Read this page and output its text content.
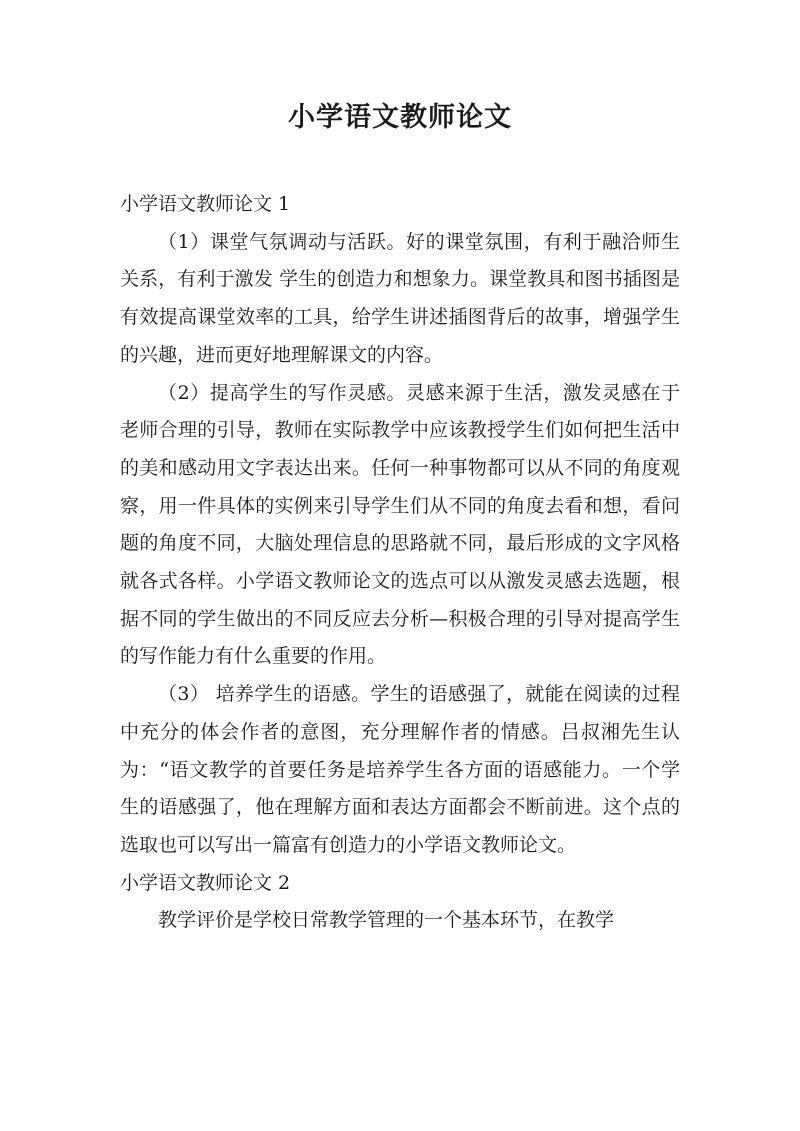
小学语文教师论文

小学语文教师论文 1

（1）课堂气氛调动与活跃。好的课堂氛围，有利于融洽师生关系，有利于激发 学生的创造力和想象力。课堂教具和图书插图是有效提高课堂效率的工具，给学生讲述插图背后的故事，增强学生的兴趣，进而更好地理解课文的内容。

（2）提高学生的写作灵感。灵感来源于生活，激发灵感在于老师合理的引导，教师在实际教学中应该教授学生们如何把生活中的美和感动用文字表达出来。任何一种事物都可以从不同的角度观察，用一件具体的实例来引导学生们从不同的角度去看和想，看问题的角度不同，大脑处理信息的思路就不同，最后形成的文字风格就各式各样。小学语文教师论文的选点可以从激发灵感去选题，根据不同的学生做出的不同反应去分析—积极合理的引导对提高学生的写作能力有什么重要的作用。

（3） 培养学生的语感。学生的语感强了，就能在阅读的过程中充分的体会作者的意图，充分理解作者的情感。吕叔湘先生认为：“语文教学的首要任务是培养学生各方面的语感能力。一个学生的语感强了，他在理解方面和表达方面都会不断前进。这个点的选取也可以写出一篇富有创造力的小学语文教师论文。

小学语文教师论文 2

教学评价是学校日常教学管理的一个基本环节，在教学
